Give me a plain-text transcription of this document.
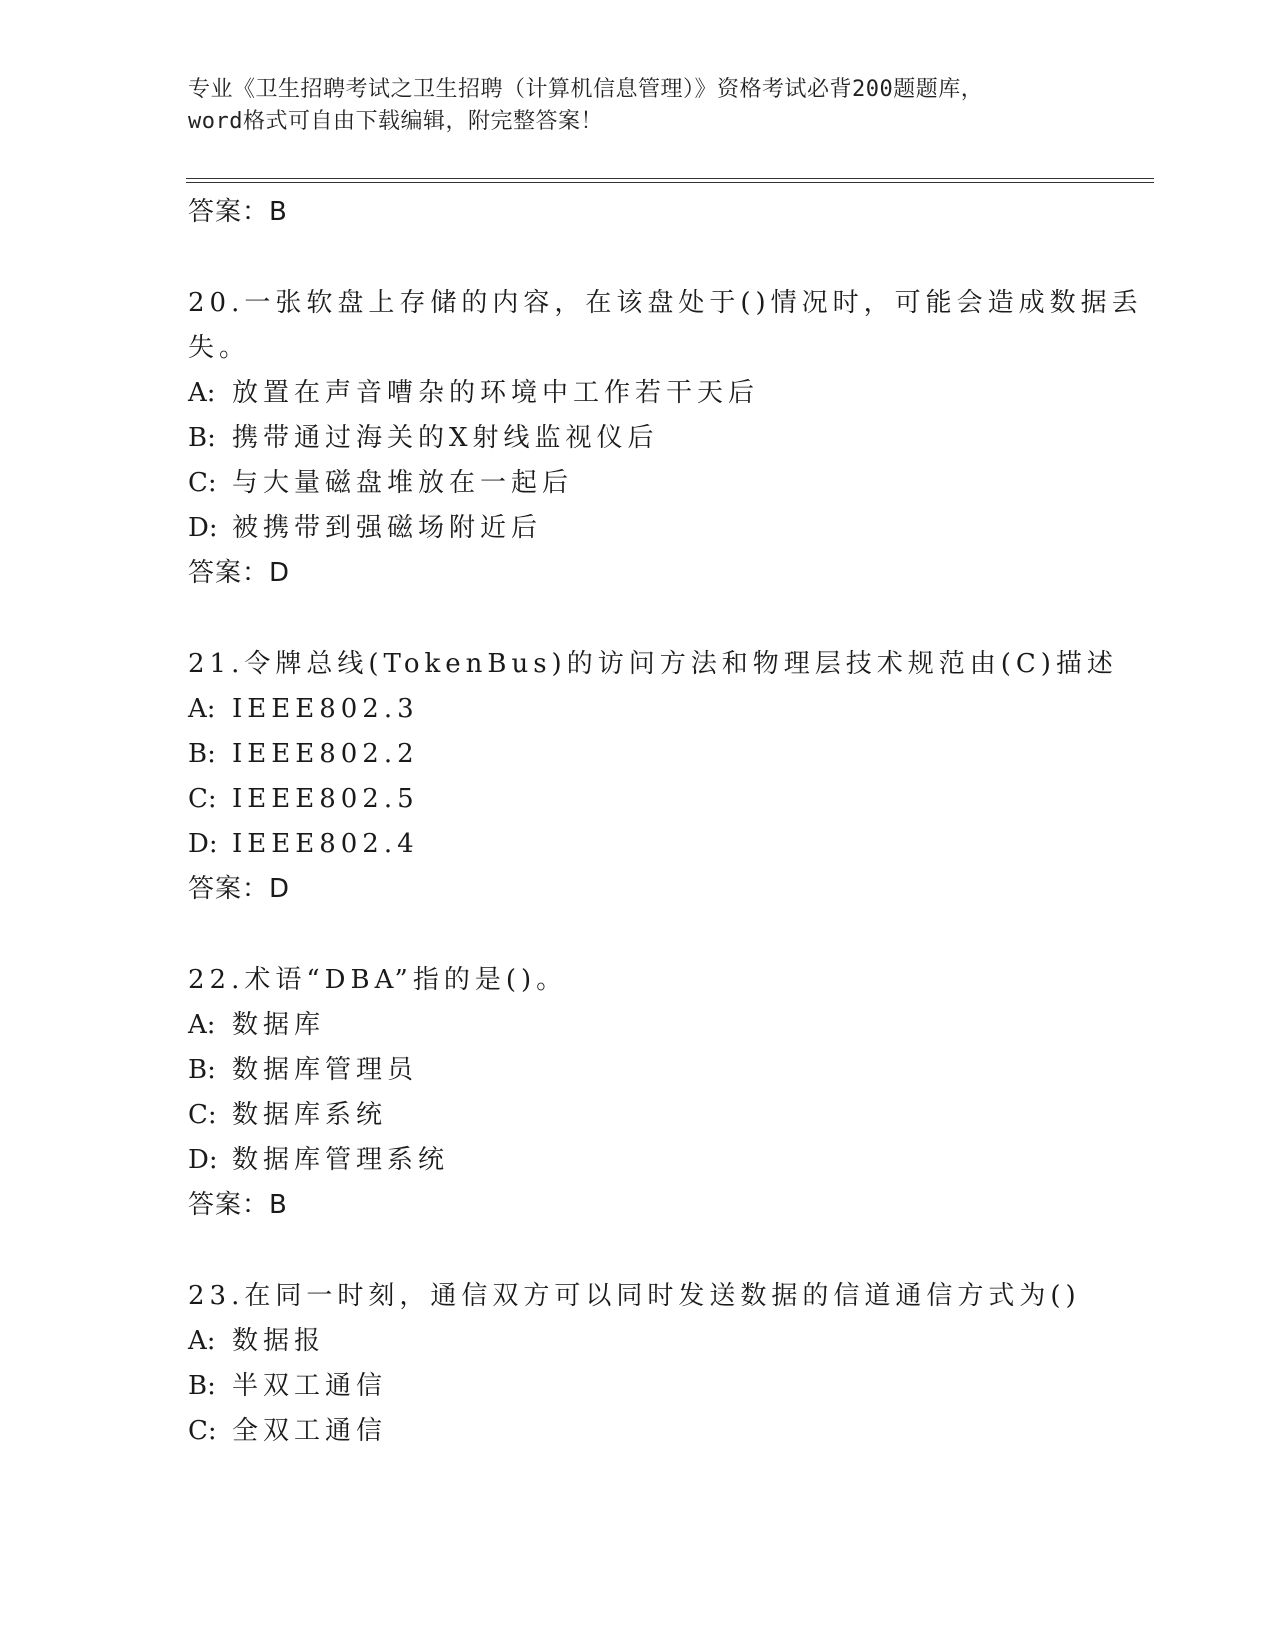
专业《卫生招聘考试之卫生招聘（计算机信息管理）》资格考试必背200题题库，
word格式可自由下载编辑，附完整答案！
答案：B
20.一张软盘上存储的内容，在该盘处于()情况时，可能会造成数据丢
失。
A: 放置在声音嘈杂的环境中工作若干天后
B: 携带通过海关的X射线监视仪后
C: 与大量磁盘堆放在一起后
D: 被携带到强磁场附近后
答案：D
21.令牌总线(TokenBus)的访问方法和物理层技术规范由(C)描述
A: IEEE802.3
B: IEEE802.2
C: IEEE802.5
D: IEEE802.4
答案：D
22.术语“DBA”指的是()。
A: 数据库
B: 数据库管理员
C: 数据库系统
D: 数据库管理系统
答案：B
23.在同一时刻，通信双方可以同时发送数据的信道通信方式为()
A: 数据报
B: 半双工通信
C: 全双工通信
